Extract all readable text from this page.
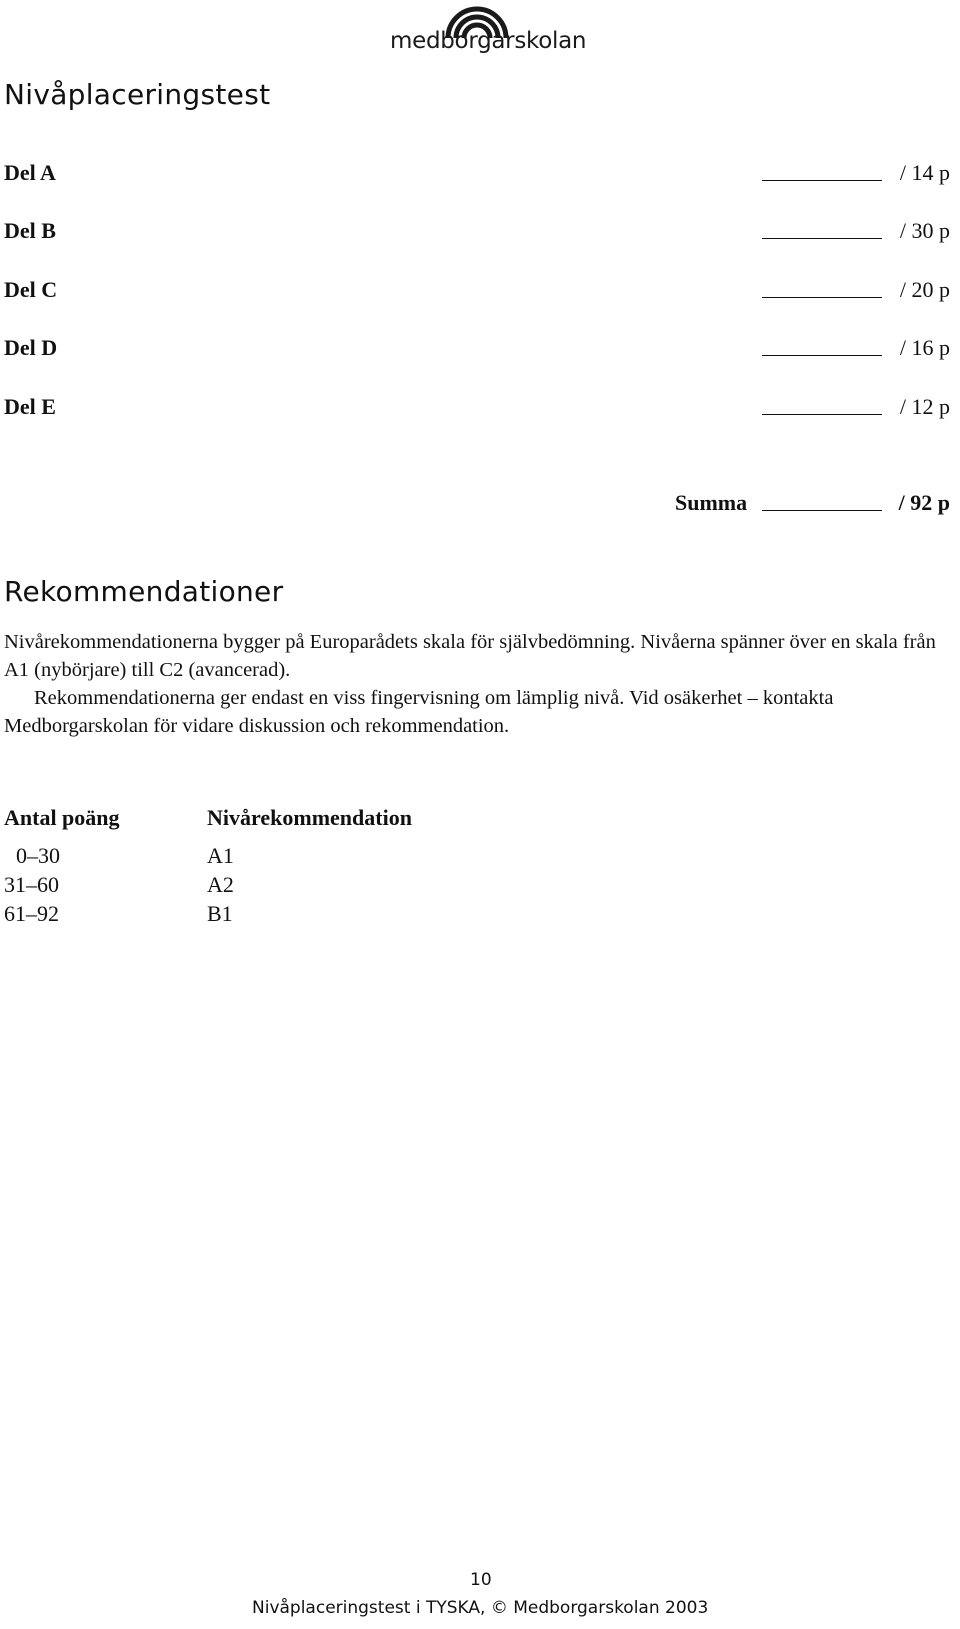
medborgarskolan
Nivåplaceringstest
Del A	/ 14 p
Del B	/ 30 p
Del C	/ 20 p
Del D	/ 16 p
Del E	/ 12 p
Summa	/ 92 p
Rekommendationer

Nivårekommendationerna bygger på Europarådets skala för självbedömning. Nivåerna spänner över en skala från A1 (nybörjare) till C2 (avancerad).

Rekommendationerna ger endast en viss fingervisning om lämplig nivå. Vid osäkerhet – kontakta Medborgarskolan för vidare diskussion och rekommendation.

Antal poäng	Nivårekommendation
0–30	A1
31–60	A2
61–92	B1
10
Nivåplaceringstest i TYSKA, © Medborgarskolan 2003
